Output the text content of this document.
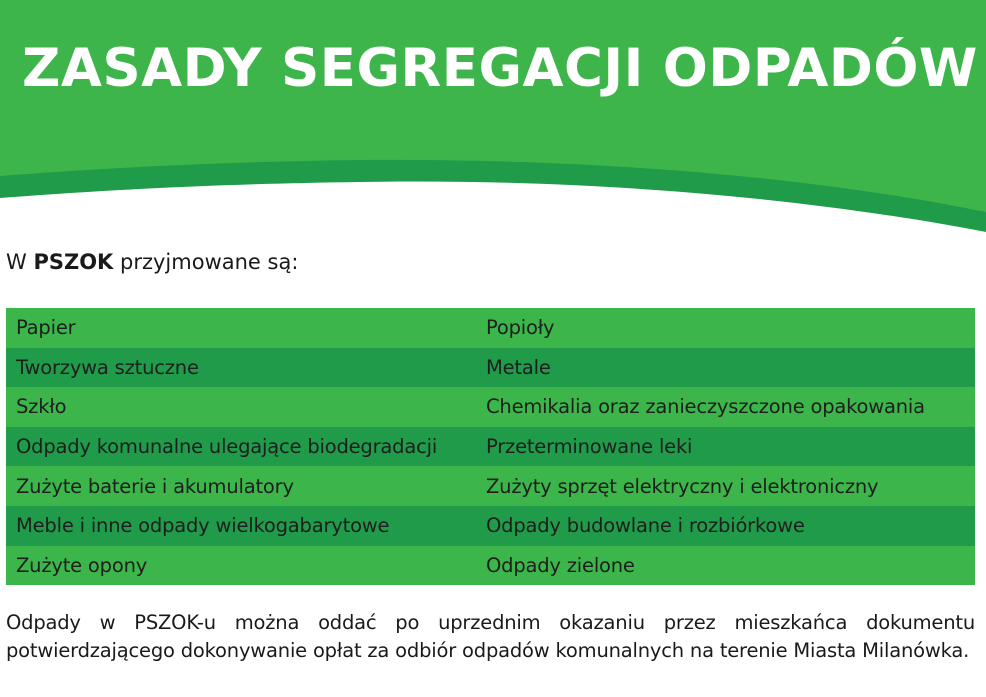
ZASADY SEGREGACJI ODPADÓW

W PSZOK przyjmowane są:

Papier	Popioły
Tworzywa sztuczne	Metale
Szkło	Chemikalia oraz zanieczyszczone opakowania
Odpady komunalne ulegające biodegradacji	Przeterminowane leki
Zużyte baterie i akumulatory	Zużyty sprzęt elektryczny i elektroniczny
Meble i inne odpady wielkogabarytowe	Odpady budowlane i rozbiórkowe
Zużyte opony	Odpady zielone

Odpady w PSZOK-u można oddać po uprzednim okazaniu przez mieszkańca dokumentu potwierdzającego dokonywanie opłat za odbiór odpadów komunalnych na terenie Miasta Milanówka.
